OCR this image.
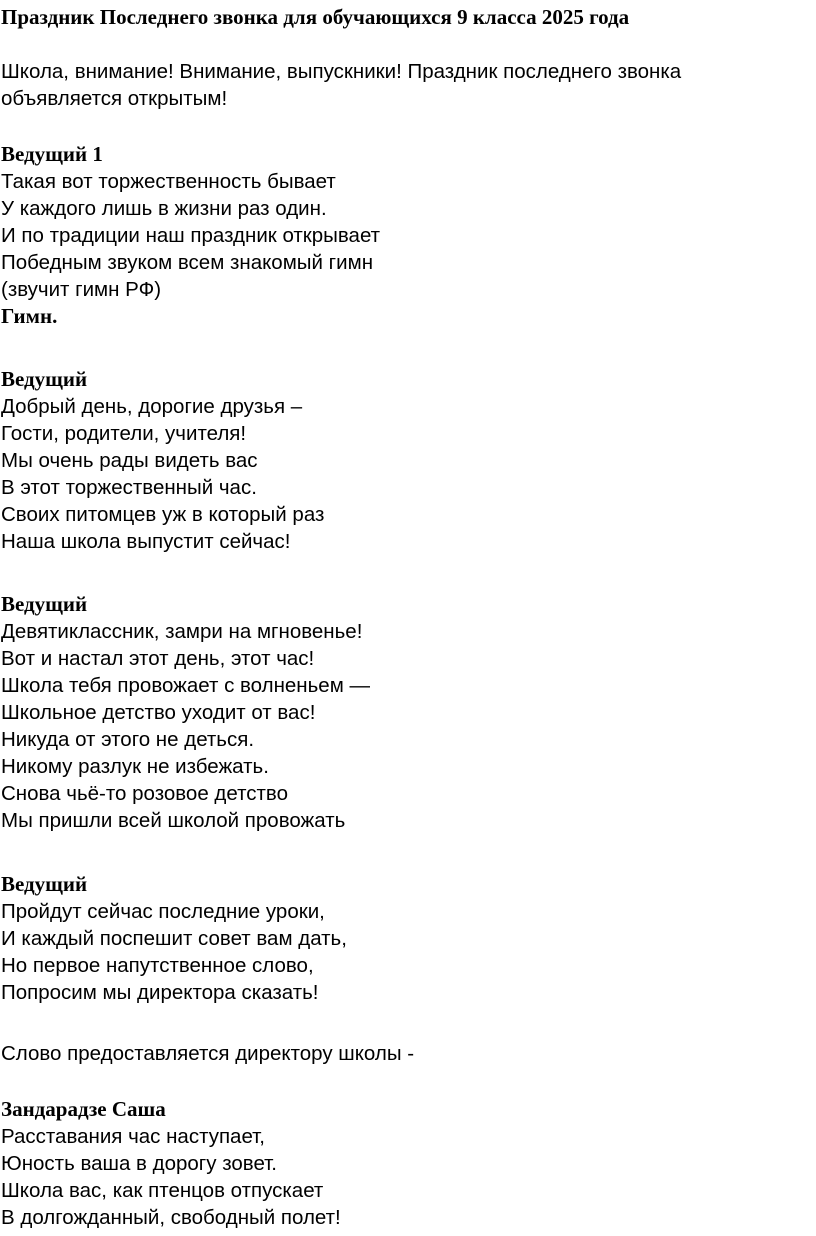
Праздник Последнего звонка для обучающихся 9 класса 2025 года
Школа, внимание! Внимание, выпускники! Праздник последнего звонка
объявляется открытым!
Ведущий 1
Такая вот торжественность бывает
У каждого лишь в жизни раз один.
И по традиции наш праздник открывает
Победным звуком всем знакомый гимн
(звучит гимн РФ)
Гимн.
Ведущий
Добрый день, дорогие друзья –
Гости, родители, учителя!
Мы очень рады видеть вас
В этот торжественный час.
Своих питомцев уж в который раз
Наша школа выпустит сейчас!
Ведущий
Девятиклассник, замри на мгновенье!
Вот и настал этот день, этот час!
Школа тебя провожает с волненьем —
Школьное детство уходит от вас!
Никуда от этого не деться.
Никому разлук не избежать.
Снова чьё-то розовое детство
Мы пришли всей школой провожать
Ведущий
Пройдут сейчас последние уроки,
И каждый поспешит совет вам дать,
Но первое напутственное слово,
Попросим мы директора сказать!
Слово предоставляется директору школы -
Зандарадзе Саша
Расставания час наступает,
Юность ваша в дорогу зовет.
Школа вас, как птенцов отпускает
В долгожданный, свободный полет!
